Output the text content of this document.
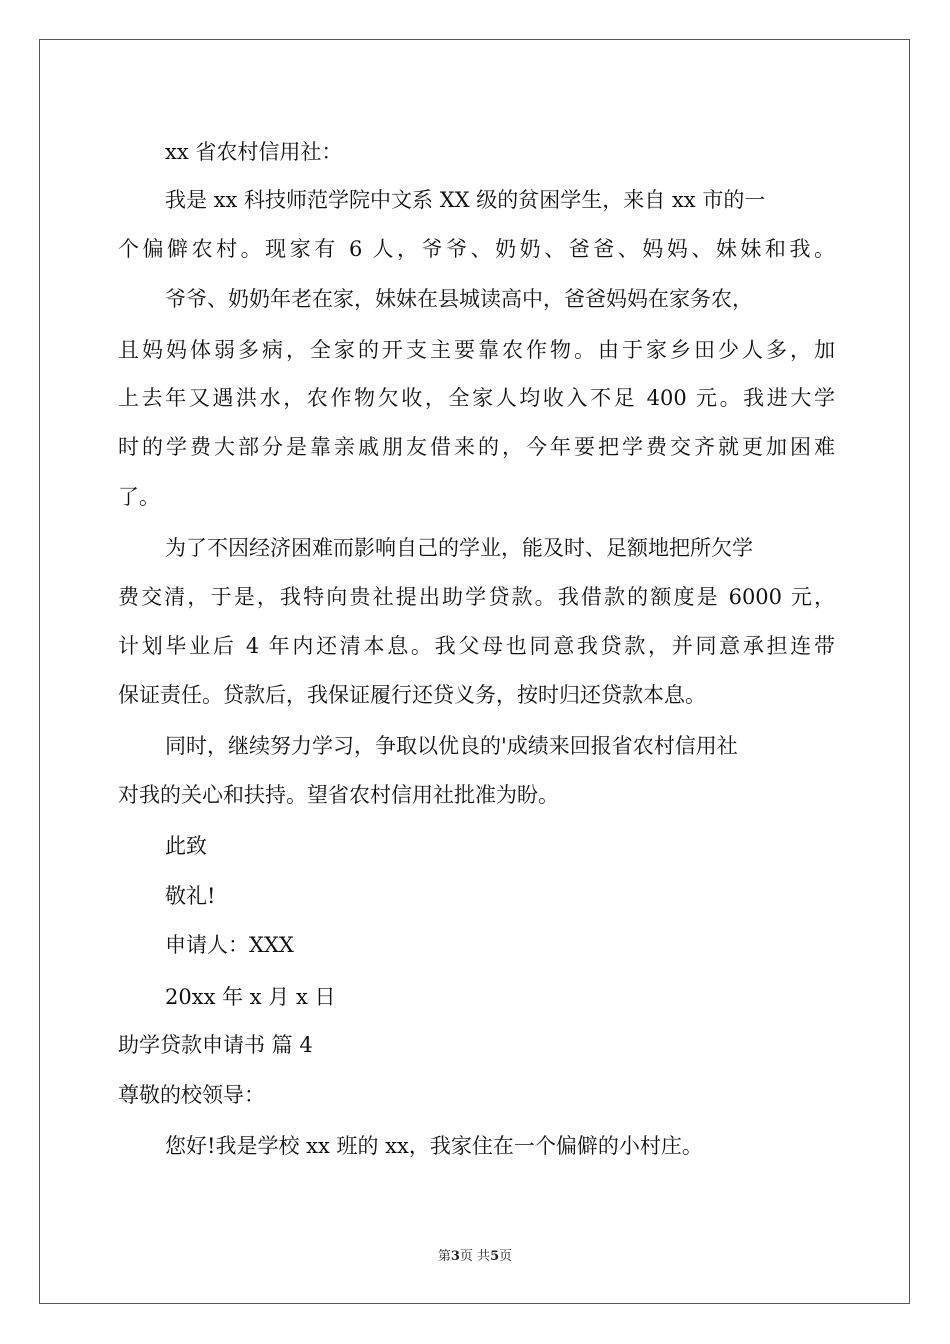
xx 省农村信用社：
我是 xx 科技师范学院中文系 XX 级的贫困学生，来自 xx 市的一
个偏僻农村。现家有 6 人，爷爷、奶奶、爸爸、妈妈、妹妹和我。
爷爷、奶奶年老在家，妹妹在县城读高中，爸爸妈妈在家务农，
且妈妈体弱多病，全家的开支主要靠农作物。由于家乡田少人多，加
上去年又遇洪水，农作物欠收，全家人均收入不足 400 元。我进大学
时的学费大部分是靠亲戚朋友借来的，今年要把学费交齐就更加困难
了。
为了不因经济困难而影响自己的学业，能及时、足额地把所欠学
费交清，于是，我特向贵社提出助学贷款。我借款的额度是 6000 元，
计划毕业后 4 年内还清本息。我父母也同意我贷款，并同意承担连带
保证责任。贷款后，我保证履行还贷义务，按时归还贷款本息。
同时，继续努力学习，争取以优良的'成绩来回报省农村信用社
对我的关心和扶持。望省农村信用社批准为盼。
此致
敬礼!
申请人：XXX
20xx 年 x 月 x 日
助学贷款申请书 篇 4
尊敬的校领导：
您好!我是学校 xx 班的 xx，我家住在一个偏僻的小村庄。
第3页 共5页
